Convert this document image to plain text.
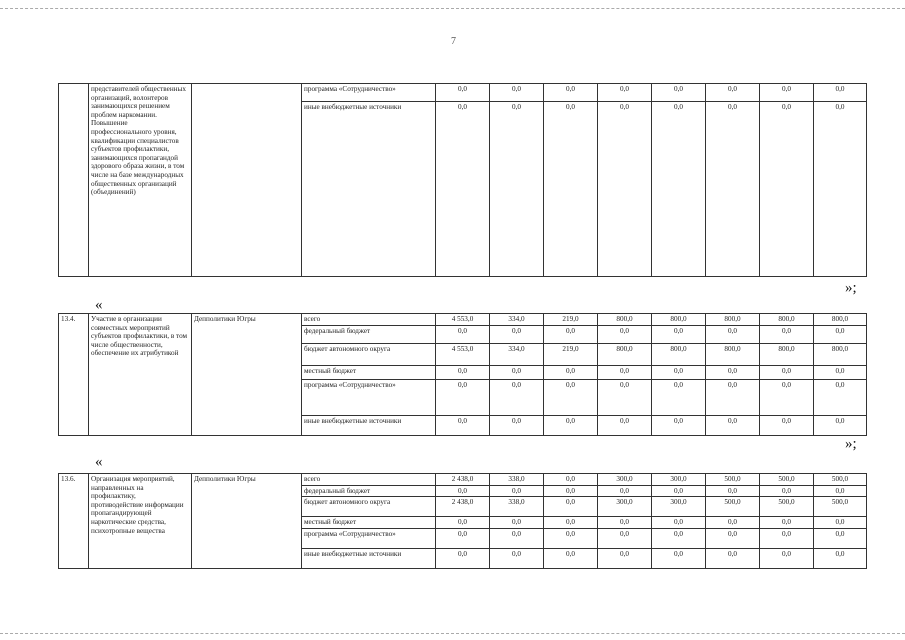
7
	представителей общественных организаций, волонтеров занимающихся решением проблем наркомании. Повышение профессионального уровня, квалификации специалистов субъектов профилактики, занимающихся пропагандой здорового образа жизни, в том числе на базе международных общественных организаций (объединений)		программа «Сотрудничество»	0,0	0,0	0,0	0,0	0,0	0,0	0,0	0,0
			иные внебюджетные источники	0,0	0,0	0,0	0,0	0,0	0,0	0,0	0,0
»;
«
13.4.	Участие в организации совместных мероприятий субъектов профилактики, в том числе общественности, обеспечение их атрибутикой	Депполитики Югры	всего	4 553,0	334,0	219,0	800,0	800,0	800,0	800,0	800,0
			федеральный бюджет	0,0	0,0	0,0	0,0	0,0	0,0	0,0	0,0
			бюджет автономного округа	4 553,0	334,0	219,0	800,0	800,0	800,0	800,0	800,0
			местный бюджет	0,0	0,0	0,0	0,0	0,0	0,0	0,0	0,0
			программа «Сотрудничество»	0,0	0,0	0,0	0,0	0,0	0,0	0,0	0,0
			иные внебюджетные источники	0,0	0,0	0,0	0,0	0,0	0,0	0,0	0,0
»;
«
13.6.	Организация мероприятий, направленных на профилактику, противодействие информации пропагандирующей наркотические средства, психотропные вещества	Депполитики Югры	всего	2 438,0	338,0	0,0	300,0	300,0	500,0	500,0	500,0
			федеральный бюджет	0,0	0,0	0,0	0,0	0,0	0,0	0,0	0,0
			бюджет автономного округа	2 438,0	338,0	0,0	300,0	300,0	500,0	500,0	500,0
			местный бюджет	0,0	0,0	0,0	0,0	0,0	0,0	0,0	0,0
			программа «Сотрудничество»	0,0	0,0	0,0	0,0	0,0	0,0	0,0	0,0
			иные внебюджетные источники	0,0	0,0	0,0	0,0	0,0	0,0	0,0	0,0
